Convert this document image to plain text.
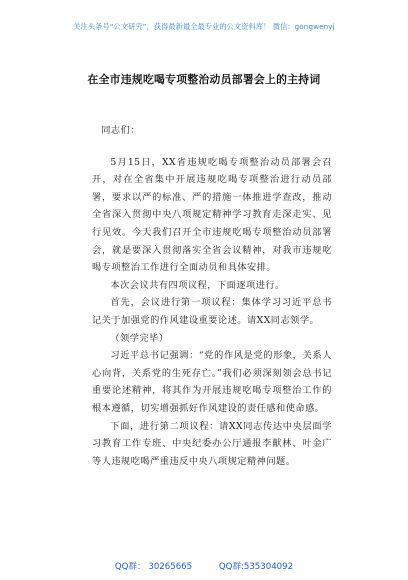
关注头条号“公文研究”，获得最新最全最专业的公文资料库！ 微信：gongwenyj
在全市违规吃喝专项整治动员部署会上的主持词

同志们：

5月15日，XX省违规吃喝专项整治动员部署会召开，对在全省集中开展违规吃喝专项整治进行动员部署，要求以严的标准、严的措施一体推进学查改，推动全省深入贯彻中央八项规定精神学习教育走深走实、见行见效。今天我们召开全市违规吃喝专项整治动员部署会，就是要深入贯彻落实全省会议精神，对我市违规吃喝专项整治工作进行全面动员和具体安排。

本次会议共有四项议程，下面逐项进行。

首先，会议进行第一项议程：集体学习习近平总书记关于加强党的作风建设重要论述。请XX同志领学。

（领学完毕）

习近平总书记强调：“党的作风是党的形象，关系人心向背，关系党的生死存亡。”我们必须深刻领会总书记重要论述精神，将其作为开展违规吃喝专项整治工作的根本遵循，切实增强抓好作风建设的责任感和使命感。

下面，进行第二项议程：请XX同志传达中央层面学习教育工作专班、中央纪委办公厅通报李献林、叶金广等人违规吃喝严重违反中央八项规定精神问题。

QQ群： 30265665	QQ群:535304092
